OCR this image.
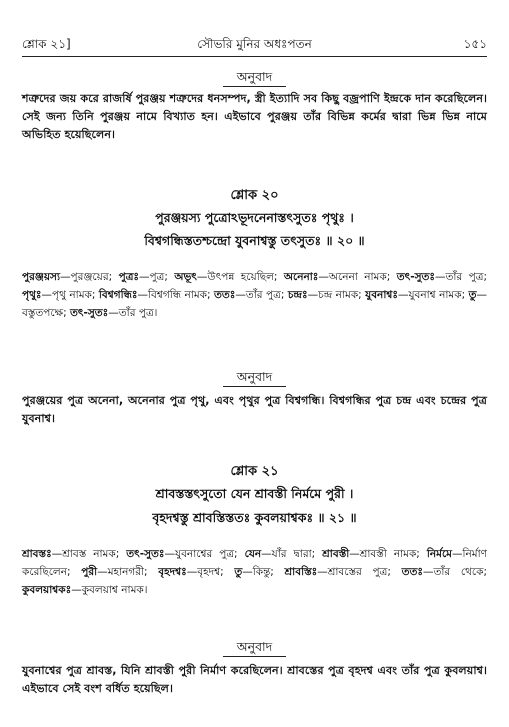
শ্লোক ২১]	সৌভরি মুনির অধঃপতন	১৫১
অনুবাদ
শত্রুদের জয় করে রাজর্ষি পুরঞ্জয় শত্রুদের ধনসম্পদ, স্ত্রী ইত্যাদি সব কিছু বজ্রপাণি ইন্দ্রকে দান করেছিলেন। সেই জন্য তিনি পুরঞ্জয় নামে বিখ্যাত হন। এইভাবে পুরঞ্জয় তাঁর বিভিন্ন কর্মের দ্বারা ভিন্ন ভিন্ন নামে অভিহিত হয়েছিলেন।
শ্লোক ২০
পুরঞ্জয়স্য পুত্রোঽভূদনেনাস্তৎসুতঃ পৃথুঃ ।
বিশ্বগন্ধিস্ততশ্চন্দ্রো যুবনাশ্বস্তু তৎসুতঃ ॥ ২০ ॥
পুরঞ্জয়স্য—পুরঞ্জয়ের; পুত্রঃ—পুত্র; অভূৎ—উৎপন্ন হয়েছিল; অনেনাঃ—অনেনা নামক; তৎ-সুতঃ—তাঁর পুত্র; পৃথুঃ—পৃথু নামক; বিশ্বগন্ধিঃ—বিশ্বগন্ধি নামক; ততঃ—তাঁর পুত্র; চন্দ্রঃ—চন্দ্র নামক; যুবনাশ্বঃ—যুবনাশ্ব নামক; তু—বস্তুতপক্ষে; তৎ-সুতঃ—তাঁর পুত্র।
অনুবাদ
পুরঞ্জয়ের পুত্র অনেনা, অনেনার পুত্র পৃথু, এবং পৃথুর পুত্র বিশ্বগন্ধি। বিশ্বগন্ধির পুত্র চন্দ্র এবং চন্দ্রের পুত্র যুবনাশ্ব।
শ্লোক ২১
শ্রাবস্তস্তৎসুতো যেন শ্রাবস্তী নির্মমে পুরী ।
বৃহদশ্বস্তু শ্রাবস্তিস্ততঃ কুবলয়াশ্বকঃ ॥ ২১ ॥
শ্রাবস্তঃ—শ্রাবস্ত নামক; তৎ-সুতঃ—যুবনাশ্বের পুত্র; যেন—যাঁর দ্বারা; শ্রাবস্তী—শ্রাবস্তী নামক; নির্মমে—নির্মাণ করেছিলেন; পুরী—মহানগরী; বৃহদশ্বঃ—বৃহদশ্ব; তু—কিন্তু; শ্রাবস্তিঃ—শ্রাবস্তের পুত্র; ততঃ—তাঁর থেকে; কুবলয়াশ্বকঃ—কুবলয়াশ্ব নামক।
অনুবাদ
যুবনাশ্বের পুত্র শ্রাবস্ত, যিনি শ্রাবস্তী পুরী নির্মাণ করেছিলেন। শ্রাবস্তের পুত্র বৃহদশ্ব এবং তাঁর পুত্র কুবলয়াশ্ব। এইভাবে সেই বংশ বর্ধিত হয়েছিল।
